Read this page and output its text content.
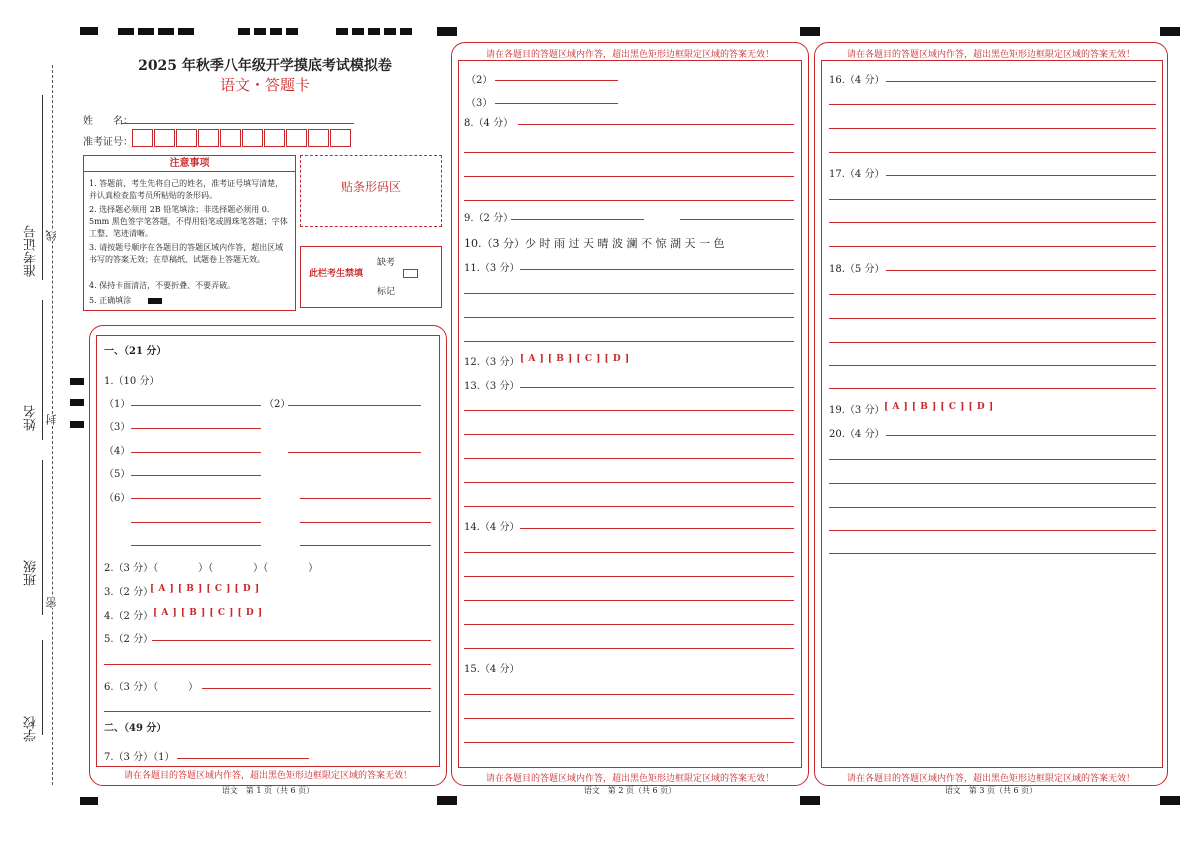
准考证号
姓名
班级
学校
线
封
密
2025 年秋季八年级开学摸底考试模拟卷
语文・答题卡
姓　　名：
准考证号：
注意事项
1. 答题前，考生先将自己的姓名，准考证号填写清楚，并认真检查监考员所粘贴的条形码。
2. 选择题必须用 2B 铅笔填涂；非选择题必须用 0．5mm 黑色签字笔答题，不得用铅笔或圆珠笔答题；字体工整、笔迹清晰。
3. 请按题号顺序在各题目的答题区域内作答，超出区域书写的答案无效；在草稿纸、试题卷上答题无效。
4. 保持卡面清洁，不要折叠、不要弄破。
5. 正确填涂
贴条形码区
此栏考生禁填
缺考
标记
一、（21 分）
1.（10 分）
（1）	（2）
（3）
（4）
（5）
（6）
2.（3 分）（　　　　）（　　　　）（　　　　）
3.（2 分）
[ A ] [ B ] [ C ] [ D ]
4.（2 分） [ A ] [ B ] [ C ] [ D ]
5.（2 分）
6.（3 分）（　　　）
二、（49 分）
7.（3 分）（1）
请在各题目的答题区域内作答，超出黑色矩形边框限定区域的答案无效！
语文　第 1 页（共 6 页）
请在各题目的答题区域内作答，超出黑色矩形边框限定区域的答案无效！
（2）
（3）
8.（4 分）
9.（2 分）
10.（3 分）少 时 雨 过 天 晴 波 澜 不 惊 湖 天 一 色
11.（3 分）
12.（3 分） [ A ] [ B ] [ C ] [ D ]
13.（3 分）
14.（4 分）
15.（4 分）
请在各题目的答题区域内作答，超出黑色矩形边框限定区域的答案无效！
语文　第 2 页（共 6 页）
请在各题目的答题区域内作答，超出黑色矩形边框限定区域的答案无效！
16.（4 分）
17.（4 分）
18.（5 分）
19.（3 分） [ A ] [ B ] [ C ] [ D ]
20.（4 分）
请在各题目的答题区域内作答，超出黑色矩形边框限定区域的答案无效！
语文　第 3 页（共 6 页）
